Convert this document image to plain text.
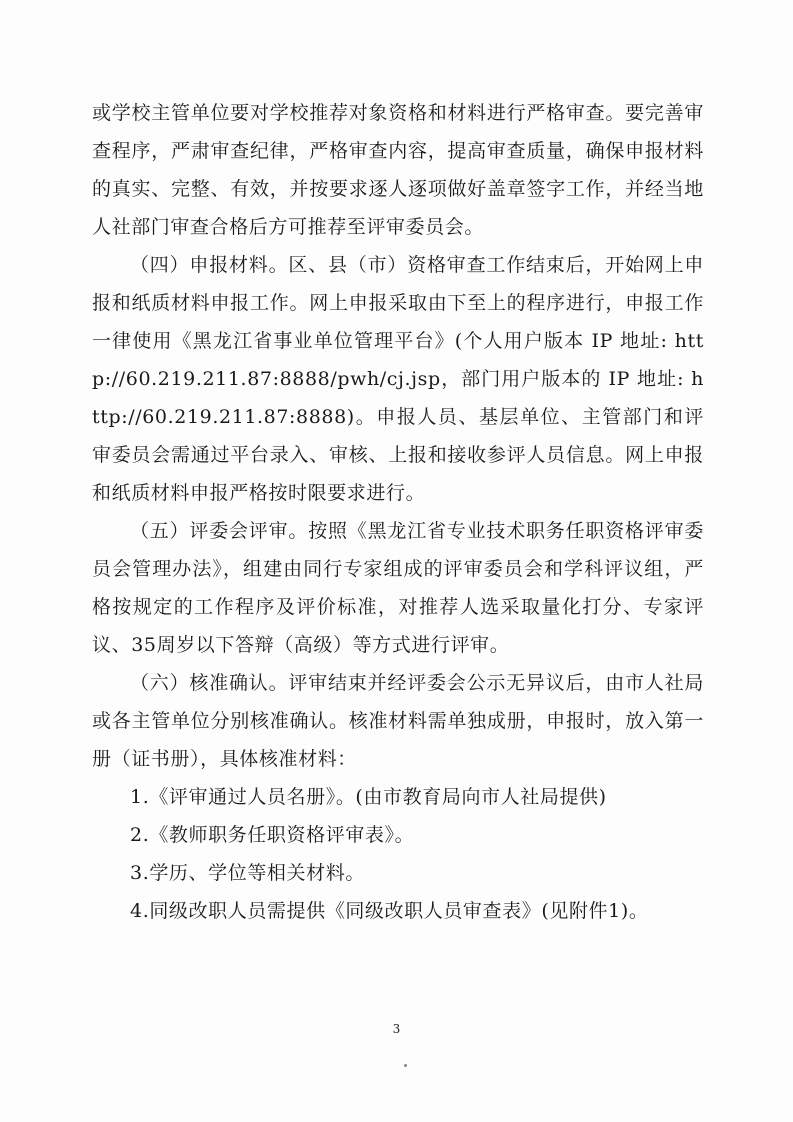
或学校主管单位要对学校推荐对象资格和材料进行严格审查。要完善审查程序，严肃审查纪律，严格审查内容，提高审查质量，确保申报材料的真实、完整、有效，并按要求逐人逐项做好盖章签字工作，并经当地人社部门审查合格后方可推荐至评审委员会。

（四）申报材料。区、县（市）资格审查工作结束后，开始网上申报和纸质材料申报工作。网上申报采取由下至上的程序进行，申报工作一律使用《黑龙江省事业单位管理平台》(个人用户版本 IP 地址: http://60.219.211.87:8888/pwh/cj.jsp，部门用户版本的 IP 地址: http://60.219.211.87:8888)。申报人员、基层单位、主管部门和评审委员会需通过平台录入、审核、上报和接收参评人员信息。网上申报和纸质材料申报严格按时限要求进行。

（五）评委会评审。按照《黑龙江省专业技术职务任职资格评审委员会管理办法》，组建由同行专家组成的评审委员会和学科评议组，严格按规定的工作程序及评价标准，对推荐人选采取量化打分、专家评议、35周岁以下答辩（高级）等方式进行评审。

（六）核准确认。评审结束并经评委会公示无异议后，由市人社局或各主管单位分别核准确认。核准材料需单独成册，申报时，放入第一册（证书册），具体核准材料：

1.《评审通过人员名册》。(由市教育局向市人社局提供)

2.《教师职务任职资格评审表》。

3.学历、学位等相关材料。

4.同级改职人员需提供《同级改职人员审查表》(见附件1)。

3
